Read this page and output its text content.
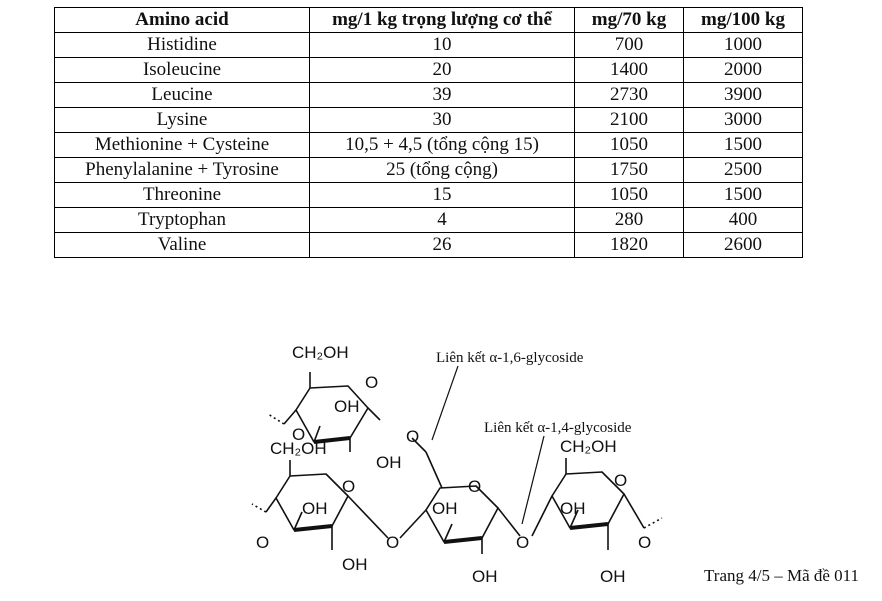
Amino acid	mg/1 kg trọng lượng cơ thể	mg/70 kg	mg/100 kg
Histidine	10	700	1000
Isoleucine	20	1400	2000
Leucine	39	2730	3900
Lysine	30	2100	3000
Methionine + Cysteine	10,5 + 4,5 (tổng cộng 15)	1050	1500
Phenylalanine + Tyrosine	25 (tổng cộng)	1750	2500
Threonine	15	1050	1500
Tryptophan	4	280	400
Valine	26	1820	2600
CH₂OH
O
OH
O	O
OH
CH₂OH
O
OH
O
OH
O
O
OH
OH
O
CH₂OH
O
OH
OH
O
Liên kết α-1,6-glycoside
Liên kết α-1,4-glycoside
Trang 4/5 – Mã đề 011
